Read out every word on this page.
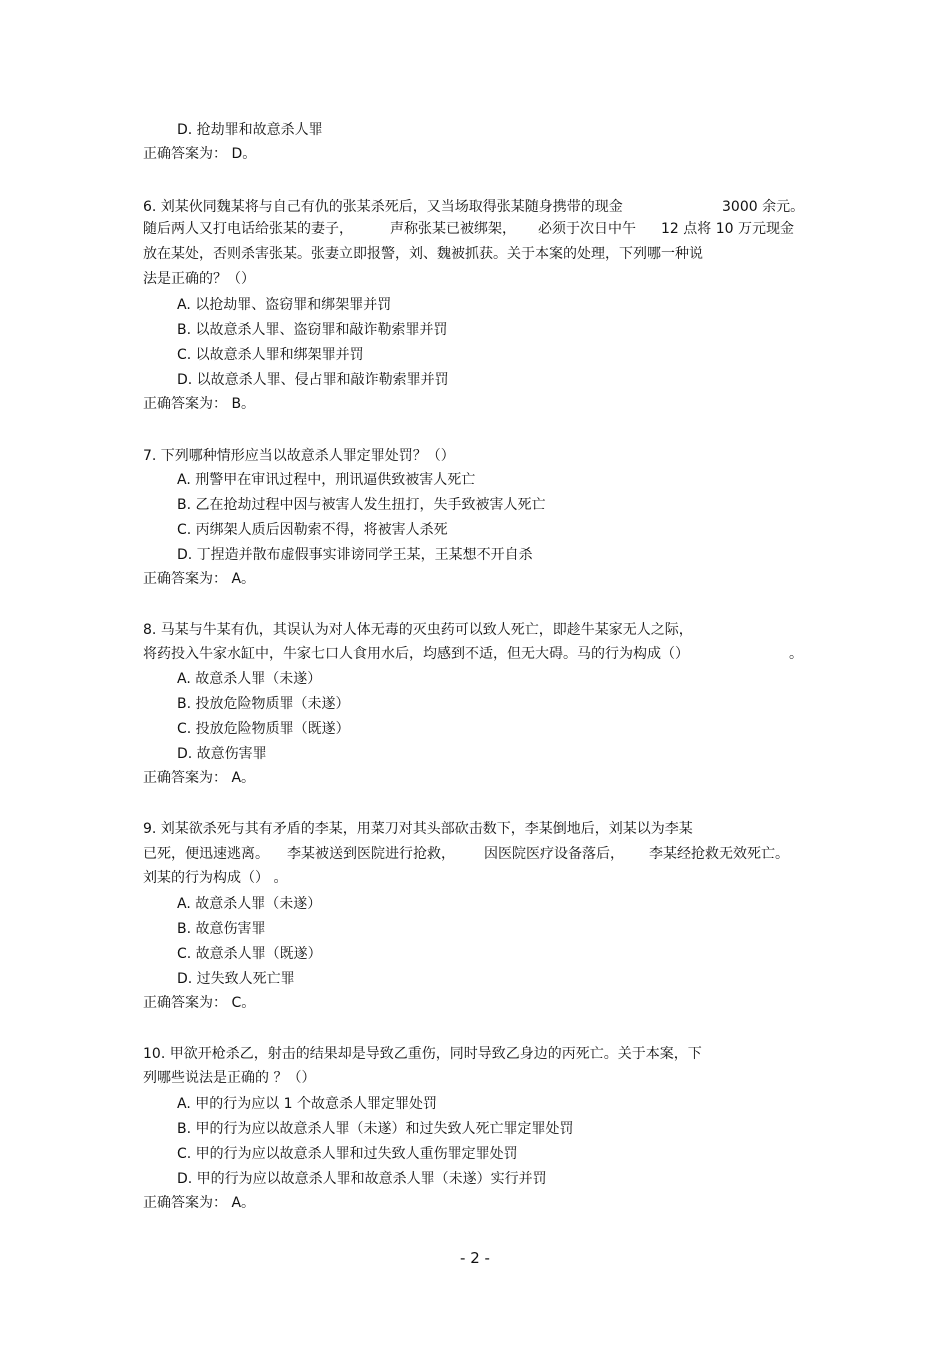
D. 抢劫罪和故意杀人罪
正确答案为： D。
6. 刘某伙同魏某将与自己有仇的张某杀死后，又当场取得张某随身携带的现金	3000 余元。
随后两人又打电话给张某的妻子，	声称张某已被绑架， 必须于次日中午 12 点将 10 万元现金
放在某处，否则杀害张某。张妻立即报警，刘、魏被抓获。关于本案的处理，下列哪一种说
法是正确的？（）
A. 以抢劫罪、盗窃罪和绑架罪并罚
B. 以故意杀人罪、盗窃罪和敲诈勒索罪并罚
C. 以故意杀人罪和绑架罪并罚
D. 以故意杀人罪、侵占罪和敲诈勒索罪并罚
正确答案为： B。
7. 下列哪种情形应当以故意杀人罪定罪处罚？（）
A. 刑警甲在审讯过程中，刑讯逼供致被害人死亡
B. 乙在抢劫过程中因与被害人发生扭打，失手致被害人死亡
C. 丙绑架人质后因勒索不得，将被害人杀死
D. 丁捏造并散布虚假事实诽谤同学王某，王某想不开自杀
正确答案为： A。
8. 马某与牛某有仇，其误认为对人体无毒的灭虫药可以致人死亡，即趁牛某家无人之际，
将药投入牛家水缸中，牛家七口人食用水后，均感到不适，但无大碍。马的行为构成（）	。
A. 故意杀人罪（未遂）
B. 投放危险物质罪（未遂）
C. 投放危险物质罪（既遂）
D. 故意伤害罪
正确答案为： A。
9. 刘某欲杀死与其有矛盾的李某，用菜刀对其头部砍击数下，李某倒地后，刘某以为李某
已死，便迅速逃离。 李某被送到医院进行抢救， 因医院医疗设备落后， 李某经抢救无效死亡。
刘某的行为构成（） 。
A. 故意杀人罪（未遂）
B. 故意伤害罪
C. 故意杀人罪（既遂）
D. 过失致人死亡罪
正确答案为： C。
10. 甲欲开枪杀乙，射击的结果却是导致乙重伤，同时导致乙身边的丙死亡。关于本案，下
列哪些说法是正确的 ？（）
A. 甲的行为应以 1 个故意杀人罪定罪处罚
B. 甲的行为应以故意杀人罪（未遂）和过失致人死亡罪定罪处罚
C. 甲的行为应以故意杀人罪和过失致人重伤罪定罪处罚
D. 甲的行为应以故意杀人罪和故意杀人罪（未遂）实行并罚
正确答案为： A。
- 2 -
